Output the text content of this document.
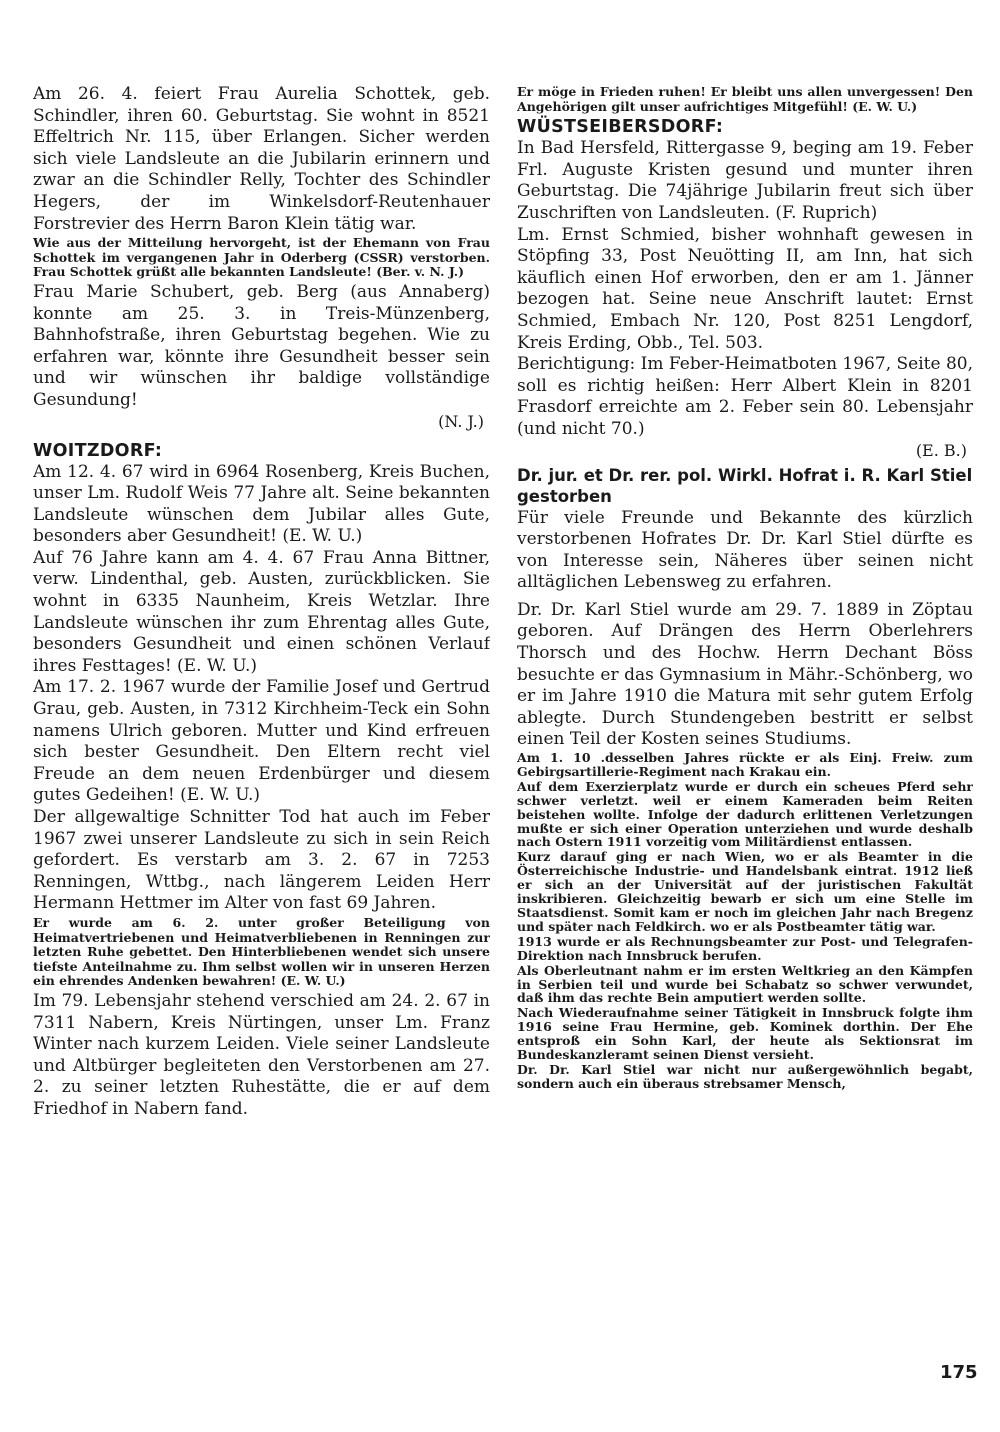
Am 26. 4. feiert Frau Aurelia Schottek, geb. Schindler, ihren 60. Geburtstag. Sie wohnt in 8521 Effeltrich Nr. 115, über Erlangen. Sicher werden sich viele Landsleute an die Jubilarin erinnern und zwar an die Schindler Relly, Tochter des Schindler Hegers, der im Winkelsdorf-Reutenhauer Forstrevier des Herrn Baron Klein tätig war.

Wie aus der Mitteilung hervorgeht, ist der Ehemann von Frau Schottek im vergangenen Jahr in Oderberg (CSSR) verstorben. Frau Schottek grüßt alle bekannten Landsleute! (Ber. v. N. J.)

Frau Marie Schubert, geb. Berg (aus Annaberg) konnte am 25. 3. in Treis-Münzenberg, Bahnhofstraße, ihren Geburtstag begehen. Wie zu erfahren war, könnte ihre Gesundheit besser sein und wir wünschen ihr baldige vollständige Gesundung!

(N. J.)

WOITZDORF:

Am 12. 4. 67 wird in 6964 Rosenberg, Kreis Buchen, unser Lm. Rudolf Weis 77 Jahre alt. Seine bekannten Landsleute wünschen dem Jubilar alles Gute, besonders aber Gesundheit! (E. W. U.)

Auf 76 Jahre kann am 4. 4. 67 Frau Anna Bittner, verw. Lindenthal, geb. Austen, zurückblicken. Sie wohnt in 6335 Naunheim, Kreis Wetzlar. Ihre Landsleute wünschen ihr zum Ehrentag alles Gute, besonders Gesundheit und einen schönen Verlauf ihres Festtages! (E. W. U.)

Am 17. 2. 1967 wurde der Familie Josef und Gertrud Grau, geb. Austen, in 7312 Kirchheim-Teck ein Sohn namens Ulrich geboren. Mutter und Kind erfreuen sich bester Gesundheit. Den Eltern recht viel Freude an dem neuen Erdenbürger und diesem gutes Gedeihen! (E. W. U.)

Der allgewaltige Schnitter Tod hat auch im Feber 1967 zwei unserer Landsleute zu sich in sein Reich gefordert. Es verstarb am 3. 2. 67 in 7253 Renningen, Wttbg., nach längerem Leiden Herr Hermann Hettmer im Alter von fast 69 Jahren.

Er wurde am 6. 2. unter großer Beteiligung von Heimatvertriebenen und Heimatverbliebenen in Renningen zur letzten Ruhe gebettet. Den Hinterbliebenen wendet sich unsere tiefste Anteilnahme zu. Ihm selbst wollen wir in unseren Herzen ein ehrendes Andenken bewahren! (E. W. U.)

Im 79. Lebensjahr stehend verschied am 24. 2. 67 in 7311 Nabern, Kreis Nürtingen, unser Lm. Franz Winter nach kurzem Leiden. Viele seiner Landsleute und Altbürger begleiteten den Verstorbenen am 27. 2. zu seiner letzten Ruhestätte, die er auf dem Friedhof in Nabern fand.

Er möge in Frieden ruhen! Er bleibt uns allen unvergessen! Den Angehörigen gilt unser aufrichtiges Mitgefühl! (E. W. U.)

WÜSTSEIBERSDORF:

In Bad Hersfeld, Rittergasse 9, beging am 19. Feber Frl. Auguste Kristen gesund und munter ihren Geburtstag. Die 74jährige Jubilarin freut sich über Zuschriften von Landsleuten. (F. Ruprich)

Lm. Ernst Schmied, bisher wohnhaft gewesen in Stöpfing 33, Post Neuötting II, am Inn, hat sich käuflich einen Hof erworben, den er am 1. Jänner bezogen hat. Seine neue Anschrift lautet: Ernst Schmied, Embach Nr. 120, Post 8251 Lengdorf, Kreis Erding, Obb., Tel. 503.

Berichtigung: Im Feber-Heimatboten 1967, Seite 80, soll es richtig heißen: Herr Albert Klein in 8201 Frasdorf erreichte am 2. Feber sein 80. Lebensjahr (und nicht 70.)

(E. B.)

Dr. jur. et Dr. rer. pol. Wirkl. Hofrat i. R. Karl Stiel gestorben

Für viele Freunde und Bekannte des kürzlich verstorbenen Hofrates Dr. Dr. Karl Stiel dürfte es von Interesse sein, Näheres über seinen nicht alltäglichen Lebensweg zu erfahren.

Dr. Dr. Karl Stiel wurde am 29. 7. 1889 in Zöptau geboren. Auf Drängen des Herrn Oberlehrers Thorsch und des Hochw. Herrn Dechant Böss besuchte er das Gymnasium in Mähr.-Schönberg, wo er im Jahre 1910 die Matura mit sehr gutem Erfolg ablegte. Durch Stundengeben bestritt er selbst einen Teil der Kosten seines Studiums.

Am 1. 10 .desselben Jahres rückte er als Einj. Freiw. zum Gebirgsartillerie-Regiment nach Krakau ein.

Auf dem Exerzierplatz wurde er durch ein scheues Pferd sehr schwer verletzt. weil er einem Kameraden beim Reiten beistehen wollte. Infolge der dadurch erlittenen Verletzungen mußte er sich einer Operation unterziehen und wurde deshalb nach Ostern 1911 vorzeitig vom Militärdienst entlassen.

Kurz darauf ging er nach Wien, wo er als Beamter in die Österreichische Industrie- und Handelsbank eintrat. 1912 ließ er sich an der Universität auf der juristischen Fakultät inskribieren. Gleichzeitig bewarb er sich um eine Stelle im Staatsdienst. Somit kam er noch im gleichen Jahr nach Bregenz und später nach Feldkirch. wo er als Postbeamter tätig war.

1913 wurde er als Rechnungsbeamter zur Post- und Telegrafen-Direktion nach Innsbruck berufen.

Als Oberleutnant nahm er im ersten Weltkrieg an den Kämpfen in Serbien teil und wurde bei Schabatz so schwer verwundet, daß ihm das rechte Bein amputiert werden sollte.

Nach Wiederaufnahme seiner Tätigkeit in Innsbruck folgte ihm 1916 seine Frau Hermine, geb. Kominek dorthin. Der Ehe entsproß ein Sohn Karl, der heute als Sektionsrat im Bundeskanzleramt seinen Dienst versieht.

Dr. Dr. Karl Stiel war nicht nur außergewöhnlich begabt, sondern auch ein überaus strebsamer Mensch,

175
